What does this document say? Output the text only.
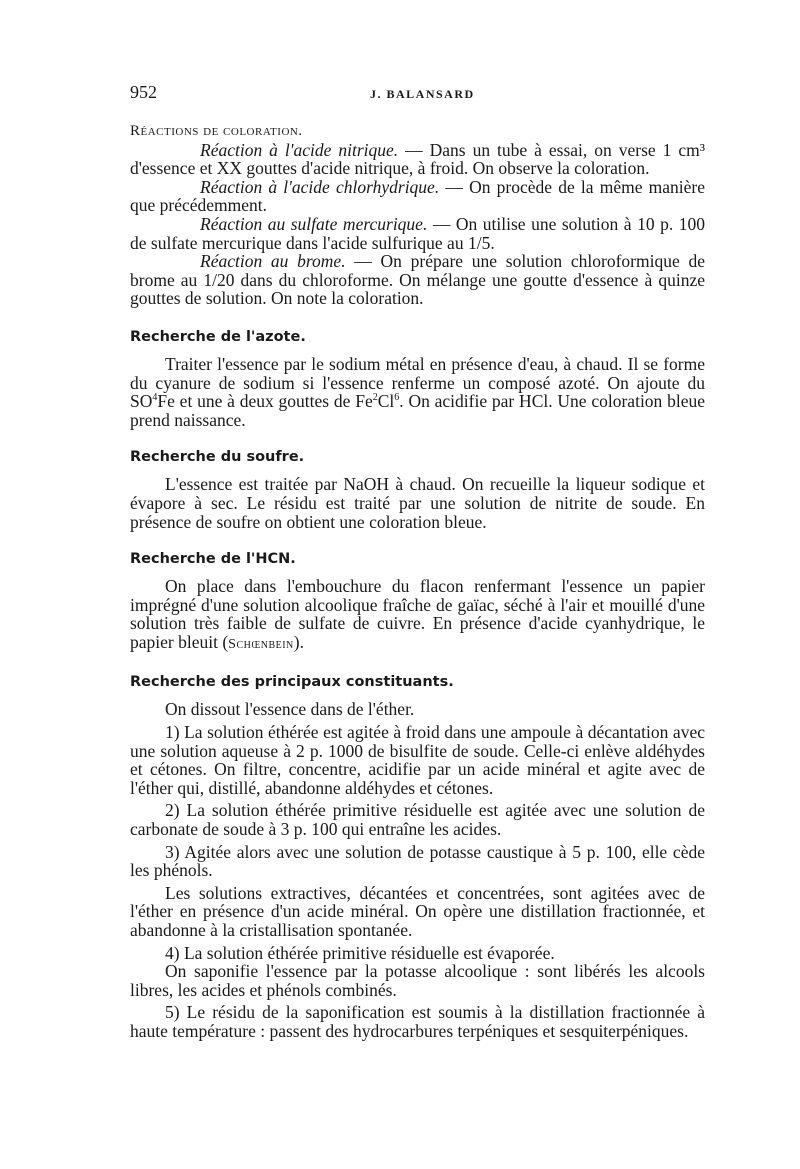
952	J. BALANSARD

Réactions de coloration.

Réaction à l'acide nitrique. — Dans un tube à essai, on verse 1 cm³ d'essence et XX gouttes d'acide nitrique, à froid. On observe la coloration.

Réaction à l'acide chlorhydrique. — On procède de la même manière que précédemment.

Réaction au sulfate mercurique. — On utilise une solution à 10 p. 100 de sulfate mercurique dans l'acide sulfurique au 1/5.

Réaction au brome. — On prépare une solution chloroformique de brome au 1/20 dans du chloroforme. On mélange une goutte d'essence à quinze gouttes de solution. On note la coloration.

Recherche de l'azote.

Traiter l'essence par le sodium métal en présence d'eau, à chaud. Il se forme du cyanure de sodium si l'essence renferme un composé azoté. On ajoute du $SO^4Fe$ et une à deux gouttes de Fe$^2$Cl$^6$. On acidifie par HCl. Une coloration bleue prend naissance.

Recherche du soufre.

L'essence est traitée par NaOH à chaud. On recueille la liqueur sodique et évapore à sec. Le résidu est traité par une solution de nitrite de soude. En présence de soufre on obtient une coloration bleue.

Recherche de l'HCN.

On place dans l'embouchure du flacon renfermant l'essence un papier imprégné d'une solution alcoolique fraîche de gaïac, séché à l'air et mouillé d'une solution très faible de sulfate de cuivre. En présence d'acide cyanhydrique, le papier bleuit (Schœnbein).

Recherche des principaux constituants.

On dissout l'essence dans de l'éther.

1) La solution éthérée est agitée à froid dans une ampoule à décantation avec une solution aqueuse à 2 p. 1000 de bisulfite de soude. Celle-ci enlève aldéhydes et cétones. On filtre, concentre, acidifie par un acide minéral et agite avec de l'éther qui, distillé, abandonne aldéhydes et cétones.

2) La solution éthérée primitive résiduelle est agitée avec une solution de carbonate de soude à 3 p. 100 qui entraîne les acides.

3) Agitée alors avec une solution de potasse caustique à 5 p. 100, elle cède les phénols.

Les solutions extractives, décantées et concentrées, sont agitées avec de l'éther en présence d'un acide minéral. On opère une distillation fractionnée, et abandonne à la cristallisation spontanée.

4) La solution éthérée primitive résiduelle est évaporée.

On saponifie l'essence par la potasse alcoolique : sont libérés les alcools libres, les acides et phénols combinés.

5) Le résidu de la saponification est soumis à la distillation fractionnée à haute température : passent des hydrocarbures terpéniques et sesquiterpéniques.
